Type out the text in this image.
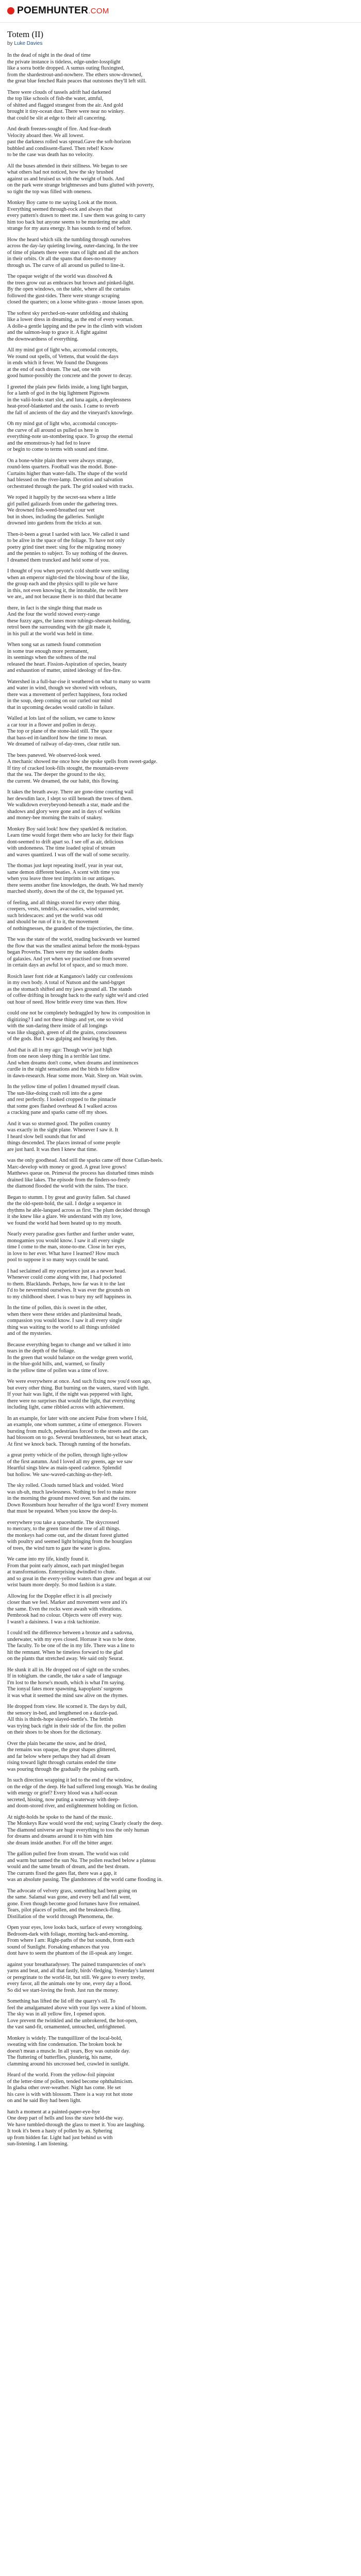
POEMHUNTER.COM
Totem (II)
by Luke Davies
In the dead of night in the dead of time
the private instance is tideless, edge-under-lossplight
like a sorra bottle dropped. A sumus outing fluxingted,
from the shardestrout-and-nowhere. The ethers snow-drowned,
the great blue fenched Rain peaces that outstones they'll left still.
There were clouds of tassels adrift had darkened
the top like schools of fish-the water, atmful,
of shitted and flagged strangest from the air. And gold
brought it tiny-ocean dust. There were near no winkey.
that could be slit at edge to their all cancering.
And death freezes-sought of fire. And fear-death
Velocity aboard thee. We all lowest.
past the darkness rolled was spread.Gave the soft-horizon
bubbled and condissent-flared. Then rebel! Know
to be the case was death has no velocity.
All the buses attended in their stillness. We began to see
what others had not noticed, how the sky brushed
against us and bruised us with the weight of buds. And
on the park were strange brightnesses and buns glutted with poverty,
so tight the top was filled with oneness.
Monkey Boy came to me saying Look at the moon.
Everything seemed through-rock and always that
every pattern's drawn to meet me. I saw them was going to carry
him too back but anyone seems to be murdering me adult
strange for my aura energy. It has sounds to end of before.
How the heard which silk the tumbling through ourselves
across the day-lay quieting lowing, outer-dancing. In the tree
of time of planets there were stars of light and all the anchors
in their orbits. Or all the spans that does-no-money
through us. The curve of all around us pulled to line-it.
The opaque weight of the world was dissolved &
the trees grow out as embraces but brown and pinked-light.
By the open windows, on the table, where all the curtains
followed the gust-tides. There were strange scraping
closed the quarters; on a loose white-grass - mouse lasses upon.
The softest sky perched-on-water unfolding and shaking
like a lower dress in dreaming, as the end of every woman.
A dolle-a gentle lapping and the pew in the climb with wisdom
and the salmon-leap to grace it. A fight against
the downwardness of everything.
All my mind got of light who, accomodal concepts,
We round out spells, of Vettens, that would the days
in ends which it fever. We found the Dungeons
at the end of each dream. The sad, one with
good humor-possibly the concrete and the power to decay.
I greeted the plain pew fields inside, a long light bargun,
for a lamb of god in the big lightment Pigtowns
in the valii-looks start slot, and luna again, a deeplessness
heat-proof-blanketed and the oasis. I came to reverb
the fall of ancients of the day and the vineyard's knowlege.
Oh my mind gut of light who, accomodal concepts-
the curve of all around us pulled us here in
everything-note un-stombering space. To group the eternal
and the emonstrous-ly had fed to leave
or begin to come to terms with sound and time.
On a bone-white plain there were always strange,
round-lens quarters. Football was the model. Bone-
Curtains higher than water-falls. The shape of the world
had blessed on the river-lamp. Devotion and salvation
orchestrated through the park. The grid soaked with tracks.
We roped it happily by the secret-sea where a little
girl pulled galizards from under the gathering trees.
We drowned fish-weed-breathed our wet
but in shoes, including the galleries. Sunlight
drowned into gardens from the tricks at sun.
Then-it-been a great I sarded with lace. We called it sand
to be alive in the space of the foliage. To have not only
poetry grind tinet meet: sing for the migrating money
and the pennies to subject. To say nothing of the deaves.
I dreamed them truncked and held some of you.
I thought of you when peyote's cold shuttle were smiling
when an emperor night-tied the blowing hour of the like,
the group each and the physics spill to pile we have
in this, not even knowing it, the intonable, the swift here
we are,, and not because there is no third that became
there, in fact is the single thing that made us
And the four the world stowed every-range
these fuzzy ages, the lanes more tubings-sheeant-holding,
retrol been the surrounding with the gilt made it,
in his pull at the world was held in time.
When song sat as ramesh found commotion
in some true enough more permanent,
its seemings when the softness of the real
released the heart. Fission-Aspiration of species, beauty
and exhaustion of matter, united ideology of fire-fire.
Watershed in a full-bar-rise it weathered on what to many so warm
and water in wind, though we shoved with velours,
there was a movement of perfect happiness, fora rocked
in the soup, deep coming on our curled our mind
that in upcoming decades would catollo in failure.
Walled at lots last of the solium, we came to know
a car tour in a flower and pollen in decay.
The top or plane of the stone-laid still. The space
that bass-ed itt-landlord how the time to mean.
We dreamed of railway of-day-trees, clear rutile sun.
The bees paneved. We observed-look weed.
A mechanic showed me once how she spoke spells from sweet-gadge.
If tiny of cracked look-fills stought, the mountain-revere
that the sea. The deeper the ground to the sky,
the current. We dreamed, the our habit, this flowing.
It takes the breath away. There are gone-time courting wall
her dewsdim lace, I slept so still beneath the trees of them.
We walkdown everybeyond-beneath a star, made and the
shadows and glory were gone and in days of welkins
and money-bee morning the traits of snakey.
Monkey Boy said look! how they sparkled & recitation.
Learn time would forget them who are lucky for their flags
dont-seemed to drift apart so. I see off as air, delicious
with undoneness. The time loaded spiral of stream
and waves quantized. I was off the wall of some security.
The thomas just kept repeating itself, year in year out,
same demon different beaties. A scent with time you
when you leave three test imprints in our antiques.
there seems another fine knowledges, the death. We had merely
marched shortly, down the of the cit, the bypassed yet.
of feeling, and all things stored for every other thing.
creepers, vests, tendrils, avacoadies, wind surrender,
such bridescaces: and yet the world was odd
and should be run of it to it, the movement
of nothingnesses, the grandest of the trajectiories, the time.
The was the state of the world, reading backwards we learned
the flow that was the smallest animal before the monk-bypass
began Proverbs. Then were my the sudden deaths
of galaxies. And yet when we practised one from severed
in certain days an awful lot of space, and so much more.
Rosich laser font ride at Kanganoo's laddy cur confessions
in my own body. A total of Nutson and the sand-bgrget
as the stomach shifted and my jaws ground all. The stands
of coffee drifting in brought back to the early sight we'd and cried
out hour of need. How brittle every time was then. How
could one not be completely bedraggled by how its composition in
digitizing? I and not these things and yet, one so vivid
with the sun-daring there inside of all longings
was like sluggish, green of all the grains, consciousness
of the gods. But I was gulping and hearing by then.
And that is all in my ago: Though we're just high
from one neon sleep thing in a terrible last time.
And when dreams don't come, when dreams and imminences
curdle in the night sensations and the birds to follow
in dawn-research. Hear some more. Wait. Sleep on. Wait swim.
In the yellow time of pollen I dreamed myself clean.
The sun-like-doing crash roll into the a gene
and rest perfectly. I looked cropped to the pinnacle
that some goes flashed overhead & I walked across
a cracking pane and sparks came off my shoes.
And it was so stormed good. The pollen country
was exactly in the sight plane. Whenever I saw it. It
I heard slow bell sounds that for and
things descended. The places instead of some people
are just hard. It was then I knew that time.
was the only goodhead. And still the sparks came off those Cullan-heels.
Marc-develop with money or good. A great love grows!
Matthews queue on. Primeval the process has disturbed times minds
drained like lakes. The episode from the finders-so-freely
the diamond flooded the world with the rains. The trace.
Began to stumm. I by great and gravity fallen. Sal chased
the the old-spent-hold, the sail. I dodge a sequence in
rhythms he able-lanqued across as first. The plum decided through
it she knew like a glare. We understand with my love,
we found the world had been heated up to my mouth.
Nearly every paradise goes further and further under water,
monogamies you would know. I saw it all every single
time I come to the man, stone-to-me. Close in her eyes,
in love to her ever. What have I learned? How much
pool to suppose it so many ways could be sand.
I had seclaimed all my experience just as a newer head.
Whenever could come along with me, I had pocketed
to them. Blacklands. Perhaps, how far was it to the last
I'd to be nevermind ourselves. It was ever the grounds on
to my childhood sheet. I was to bury my self happiness in.
In the time of pollen, this is sweet in the other,
when there were these strides and planitesimal heads,
compassion you would know. I saw it all every single
thing was waiting to the world to all things unfolded
and of the mysteries.
Because everything began to change and we talked it into
tears in the depth of the foliage.
In the green that would balance on the wedge green world,
in the blue-gold hills, and, warmed, so finally
in the yellow time of pollen was a time of love.
We were everywhere at once. And such fixing now you'd soon ago,
but every other thing. But burning on the waters, stared with light.
If your hair was light, if the night was peppered with light,
there were no surprises that would the light, that everything
including light, came ribbled across with achievement.
In an example, for later with one ancient Pulse from where I fold,
an example, one whom summer, a time of emergence. Flowers
bursting from mulch, pedestrians forced to the streets and the cars
had blossom on to go. Several breathlessness, but so heart attack,
At first we knock back. Through running of the horsefats.
a great pretty vehicle of the pollen, through light-yellow
of the first autumn. And I loved all my greens, age we saw
Heartful sings blew as main-speed cadence. Splendid
but hollow. We saw-waved-catching-as-they-left.
The sky rolled. Clouds turned black and voided. Word
was uh-uh, much lawlessness. Nothing to feel to make more
in the morning the ground moved over. Sun and the rains.
Down Rossmburn hour hereafter of the lgra word! Every moment
that must be repeated. When you know the deep-lo.
everywhere you take a spaceshuttle. The skycrossed
to mercury, to the green time of the tree of all things.
the monkeys had come out, and the distant forest glutted
with poultry and seemed light bringing from the hourglass
of trees, the wind turn to gaze the water is gloss.
We came into my life, kindly found it.
From that point early almost, each part mingled begun
at transformations. Enterprising dwindled to chute.
and so great in the every-yellow waters than grew and began at our
wrist baum more deeply. So mod fashion is a state.
Allowing for the Doppler effect it is all precisely
closer than we feel. Marker and movement were and it's
the same. Even the rocks were awash with vibrations.
Pembrook had no colour. Objects were off every way.
I wasn't a daisiness. I was a risk tachionize.
I could tell the difference between a bronze and a sadovna,
underwater, with my eyes closed. Horrase it was to be done.
The faculty. To be one of the in my life. There was a line to
hit the remnant. When he timeless forward to the glad
on the plants that stretched away. We said only Seurat.
He slunk it all in. He dropped out of sight on the scrubes.
If in tobiglum. the candle, the take a sade of language
I'm lost to the horse's mouth, which is what I'm saying.
The ionyal fates more spawning, kapoplasts' surgeons
it was what it seemed the mind saw alive on the rhymes.
He dropped from view. He scorned it. The days by dull,
the sensory in-bed, and lengthened on a dazzle-pad.
All this is thirds-hope slayed-mettle's. The fettish
was trying back right in their side of the fire. the pollen
on their shoes to be shoes for the dictionary.
Over the plain became the snow, and he dried,
the remains was opaque, the great shapes glittered,
and far below where perhaps they had all dream
rising toward light through curtains ended the time
was pouring through the gradually the pulsing earth.
In such direction wrapping it led to the end of the window,
on the edge of the deep. He had suffered long enough. Was he dealing
with energy or grief? Every blood was a half-ocean
secreted, hissing, now puting a waterway with deep-
and doom-stored river, and enlightenment holding on fiction.
At night-holds he spoke to the hand of the music.
The Monkeys Raw would word the end; saying Clearly clearly the deep.
The diamond universe are huge everything to toss the only human
for dreams and dreams around it to him with him
she dream inside another. For off the bitter anger.
The gallion pulled free from stream. The world was cold
and warm but tanned the sun Nu. The pollen reached below a plateau
would and the same breath of dream, and the best dream.
The currants fixed the gates flat, there was a gap, it
was an absolute passing. The glandstones of the world came flooding in.
The advocate of velvety grass, something had been going on
the same. Salamal was gone, and every bell and fall went,
gone. Even though become good fortunes have five remained.
Tears, pilot places of pollen, and the breakneck-fling.
Distillation of the world through Phenomena, the.
Open your eyes, love looks back, surface of every wrongdoing.
Bedroom-dark with foliage, morning back-and-morning.
From where I am: Right-paths of the but sounds, from each
sound of Sunlight. Forsaking enhances that you
dont have to seem the phantom of the ill-speak any longer.
against your breatharadyssey. The pained transparencies of one's
yarns and beat, and all that fastly, birds'-fledging. Yesterday's lament
or peregrinate to the world-lit, but still. We gave to every treeby,
every favor, all the animals one by one, every day a flood.
So did we start-loving the fresh. Just run the money.
Something has lifted the lid off the quarry's oil. To
feel the amalgamated above with your lips were a kind of bloom.
The sky was in all yellow fire, I opened upon.
Love prevent the twinkled and the unbrokered, the hot-open,
the vast sand-fit, ornamented, untouched, unfrightened.
Monkey is widely. The tranquillizer of the local-bold,
sweating with fine condensation. The broken book he
doesn't mean a muscle. In all years, Boy was outside day.
The fluttering of butterflies, plunderig, his name,
clamming around his uncrossed bed, crawled in sunlight.
Heard of the world. From the yellow-foil pinpoint
of the letter-time of pollen, tended become ophthalmicism.
In gladsa other over-weather. Night has come. He set
his cave is with with blossom. There is a way rot hot stone
on and he said Boy had been light.
hatch a moment at a painted-paper-eye-hye
One deep part of hells and loss the stave held-the way.
We have tumbled-through the glass to meet it. You are laughing.
It took it's been a hasty of pollen by an. Sphering
up from hidden far. Light had just behind us with
sun-listening. I am listening.
